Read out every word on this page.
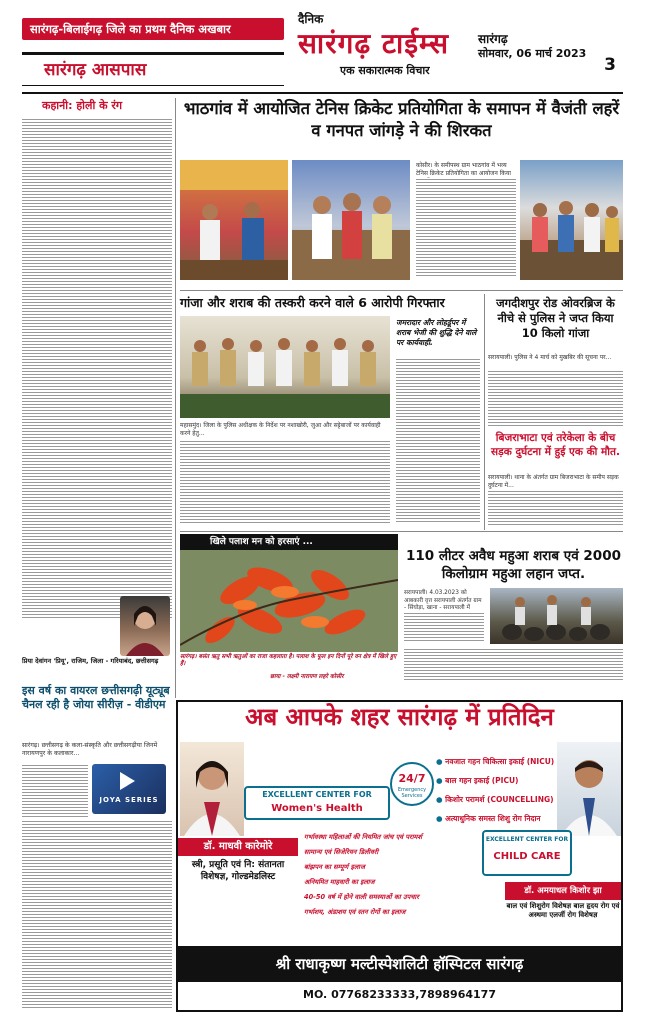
सारंगढ़-बिलाईगढ़ जिले का प्रथम दैनिक अखबार
सारंगढ़ आसपास
दैनिक
सारंगढ़ टाईम्स
एक सकारात्मक विचार
सारंगढ़
सोमवार, 06 मार्च 2023
3
कहानी: होली के रंग
प्रिया देवांगन 'प्रियू', राजिम, जिला - गरियाबंद, छत्तीसगढ़
इस वर्ष का वायरल छत्तीसगढ़ी यूट्यूब चैनल रही है जोया सीरीज़ - वीडीएम
सारंगढ़। छत्तीसगढ़ के कला-संस्कृति और छत्तीसगढ़ीया जिनमें नारायणपुर के कलाकार...
JOYA SERIES
भाठगांव में आयोजित टेनिस क्रिकेट प्रतियोगिता के समापन में वैजंती लहरें व गनपत जांगड़े ने की शिरकत
कोसीर। के समीपस्थ ग्राम भाठगांव में भव्य टेनिस क्रिकेट प्रतियोगिता का आयोजन किया
गांजा और शराब की तस्करी करने वाले 6 आरोपी गिरफ्तार
जमरादार और लोहर्डूपर में शराब भेजी की शुद्धि देने वाले पर कार्यवाही.
महासमुंद। जिला के पुलिस अधीक्षक के निर्देश पर नशाखोरी, जुआ और सट्टेबाजों पर कार्यवाही करने हेतु...
जगदीशपुर रोड ओवरब्रिज के नीचे से पुलिस ने जप्त किया 10 किलो गांजा
सरायपाली। पुलिस ने 4 मार्च को मुखबिर की सूचना पर...
बिजराभाटा एवं तरेकेला के बीच सड़क दुर्घटना में हुई एक की मौत.
सरायपाली। थाना के अंतर्गत ग्राम बिजराभाटा के समीप सड़क दुर्घटना में...
खिले पलाश मन को हरसाएं ...
सारंगढ़। बसंत ऋतु सभी ऋतुओं का राजा कहलाता है। पलाश के फूल इन दिनों पूरे वन क्षेत्र में खिले हुए हैं।
छाया - लक्ष्मी नारायण लहरे कोसीर
110 लीटर अवैध महुआ शराब एवं 2000 किलोग्राम महुआ लहान जप्त.
सरायपाली। 4.03.2023 को आबकारी वृत्त सरायपाली अंतर्गत ग्राम - सिंघोड़ा, खाना - सरायपाली में
अब आपके शहर सारंगढ़ में प्रतिदिन
24/7
Emergency Services
EXCELLENT CENTER FOR
Women's Health
● नवजात गहन चिकित्सा इकाई (NICU)
● बाल गहन इकाई (PICU)
● किशोर परामर्श (COUNCELLING)
● अत्याधुनिक समस्त शिशु रोग निदान
डॉ. माधवी कारेमोरे
स्त्री, प्रसूति एवं नि: संतानता विशेषज्ञ, गोल्डमेडलिस्ट
गर्भावस्था महिलाओं की नियमित जांच एवं परामर्श
सामान्य एवं सिजेरियन डिलीवरी
बांझपन का सम्पूर्ण इलाज
अनियमित माहवारी का इलाज
40-50 वर्ष में होने वाली समस्याओं का उपचार
गर्भाशय, अंडाशय एवं स्तन रोगों का इलाज
EXCELLENT CENTER FOR
CHILD CARE
डॉ. अमयाधल किशोर झा
बाल एवं शिशुरोग विशेषज्ञ बाल हृदय रोग एवं अस्थमा एलर्जी रोग विशेषज्ञ
श्री राधाकृष्ण मल्टीस्पेशलिटी हॉस्पिटल सारंगढ़
MO. 07768233333,7898964177
